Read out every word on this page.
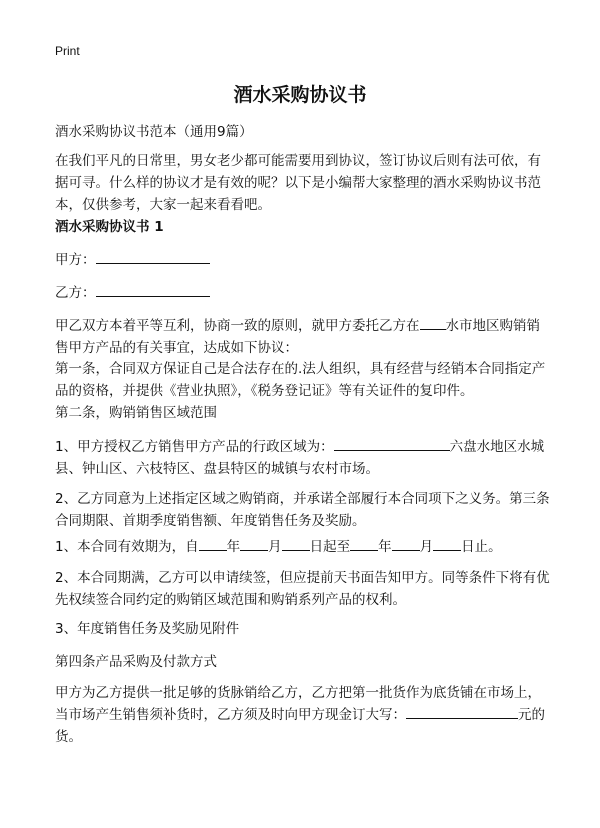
Print
酒水采购协议书

酒水采购协议书范本（通用9篇）

在我们平凡的日常里，男女老少都可能需要用到协议，签订协议后则有法可依，有据可寻。什么样的协议才是有效的呢？以下是小编帮大家整理的酒水采购协议书范本，仅供参考，大家一起来看看吧。

酒水采购协议书 1

甲方：

乙方：

甲乙双方本着平等互利，协商一致的原则，就甲方委托乙方在 水市地区购销销售甲方产品的有关事宜，达成如下协议：

第一条，合同双方保证自己是合法存在的.法人组织，具有经营与经销本合同指定产品的资格，并提供《营业执照》，《税务登记证》等有关证件的复印件。

第二条，购销销售区域范围

1、甲方授权乙方销售甲方产品的行政区域为：	六盘水地区水城县、钟山区、六枝特区、盘县特区的城镇与农村市场。

2、乙方同意为上述指定区域之购销商，并承诺全部履行本合同项下之义务。第三条合同期限、首期季度销售额、年度销售任务及奖励。

1、本合同有效期为，自 年 月 日起至 年 月 日止。

2、本合同期满，乙方可以申请续签，但应提前天书面告知甲方。同等条件下将有优先权续签合同约定的购销区域范围和购销系列产品的权利。

3、年度销售任务及奖励见附件

第四条产品采购及付款方式

甲方为乙方提供一批足够的货脉销给乙方，乙方把第一批货作为底货铺在市场上，当市场产生销售须补货时，乙方须及时向甲方现金订大写：	元的货。
